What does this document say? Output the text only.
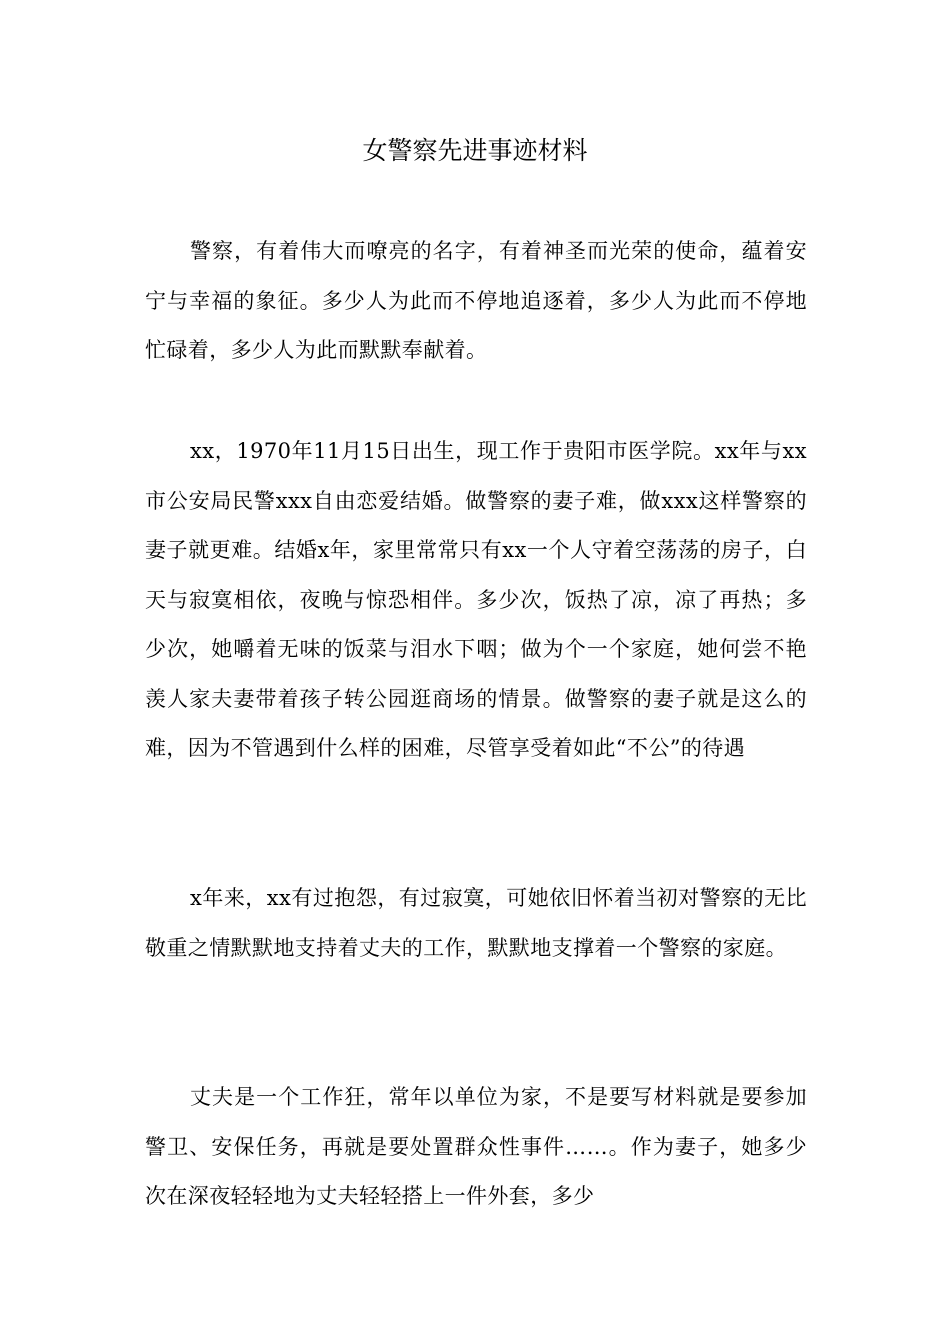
女警察先进事迹材料

警察，有着伟大而嘹亮的名字，有着神圣而光荣的使命，蕴着安宁与幸福的象征。多少人为此而不停地追逐着，多少人为此而不停地忙碌着，多少人为此而默默奉献着。

xx，1970年11月15日出生，现工作于贵阳市医学院。xx年与xx市公安局民警xxx自由恋爱结婚。做警察的妻子难，做xxx这样警察的妻子就更难。结婚x年，家里常常只有xx一个人守着空荡荡的房子，白天与寂寞相依，夜晚与惊恐相伴。多少次，饭热了凉，凉了再热；多少次，她嚼着无味的饭菜与泪水下咽；做为个一个家庭，她何尝不艳羡人家夫妻带着孩子转公园逛商场的情景。做警察的妻子就是这么的难，因为不管遇到什么样的困难，尽管享受着如此“不公”的待遇

x年来，xx有过抱怨，有过寂寞，可她依旧怀着当初对警察的无比敬重之情默默地支持着丈夫的工作，默默地支撑着一个警察的家庭。

丈夫是一个工作狂，常年以单位为家，不是要写材料就是要参加警卫、安保任务，再就是要处置群众性事件……。作为妻子，她多少次在深夜轻轻地为丈夫轻轻搭上一件外套，多少
